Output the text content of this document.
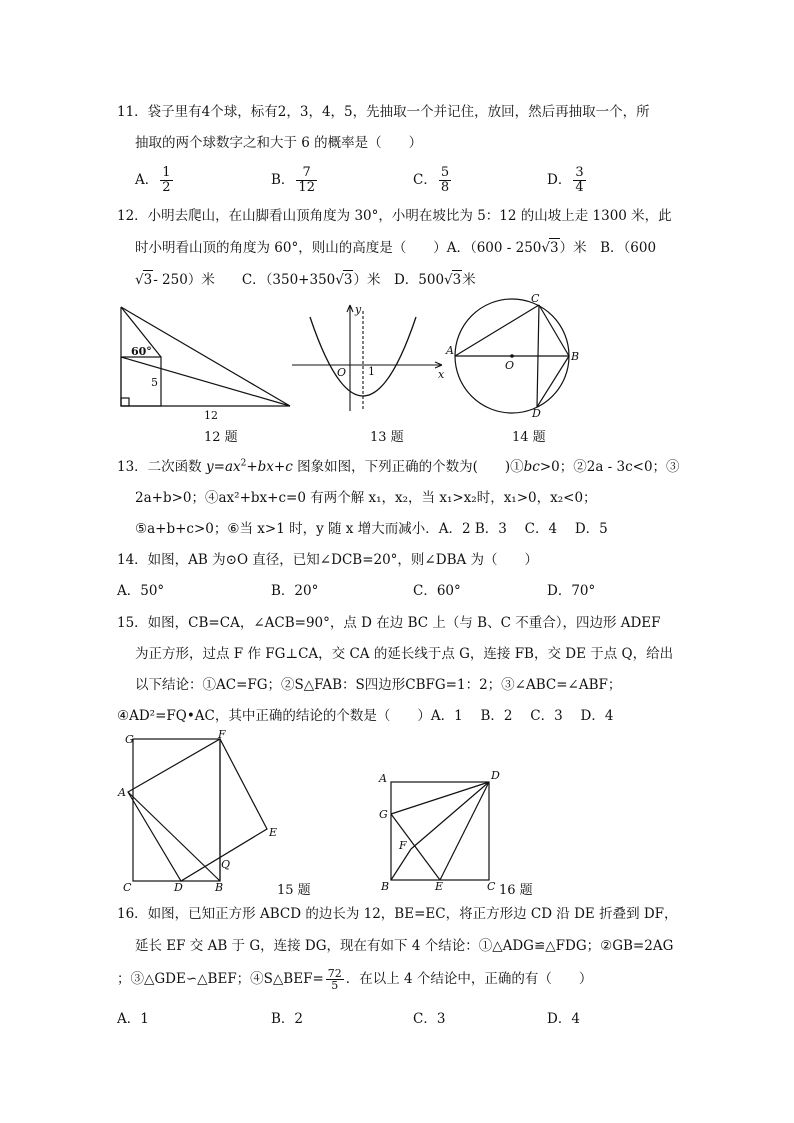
11．袋子里有4个球，标有2，3，4，5，先抽取一个并记住，放回，然后再抽取一个，所
抽取的两个球数字之和大于 6 的概率是（　　）
A． $\frac{1}{2}$	B． $\frac{7}{12}$	C． $\frac{5}{8}$	D． $\frac{3}{4}$
12．小明去爬山，在山脚看山顶角度为 30°，小明在坡比为 5：12 的山坡上走 1300 米，此
时小明看山顶的角度为 60°，则山的高度是（　　）A．（600 - 250√3）米　B．（600
√3- 250）米　　C．（350+350√3）米　D．500√3米
60°
5
12
12 题
y
x
O 1
13 题
A	B
C
D
O
14 题
13．二次函数 $y=ax^2+bx+c$ 图象如图，下列正确的个数为(　　)①bc>0；②2a - 3c<0；③
2a+b>0；④ax²+bx+c=0 有两个解 x₁，x₂，当 x₁>x₂时，x₁>0，x₂<0；
⑤a+b+c>0；⑥当 x>1 时，y 随 x 增大而减小．A．2 B．3　 C．4　 D．5
14．如图，AB 为⊙O 直径，已知∠DCB=20°，则∠DBA 为（　　）
A．50°	B．20°	C．60°	D．70°
15．如图，CB=CA，∠ACB=90°，点 D 在边 BC 上（与 B、C 不重合），四边形 ADEF
为正方形，过点 F 作 FG⊥CA，交 CA 的延长线于点 G，连接 FB，交 DE 于点 Q，给出
以下结论：①AC=FG；②S△FAB：S四边形CBFG=1：2；③∠ABC=∠ABF；
④AD²=FQ•AC，其中正确的结论的个数是（　　）A．1　 B．2　 C．3　 D．4
G	F
A
E
Q
C	D	B	15 题
A	D
G
F
B	E	C 16 题
16．如图，已知正方形 ABCD 的边长为 12，BE=EC，将正方形边 CD 沿 DE 折叠到 DF，
延长 EF 交 AB 于 G，连接 DG，现在有如下 4 个结论：①△ADG≌△FDG；②GB=2AG
；③△GDE∽△BEF；④S△BEF= $\frac{72}{5}$ ．在以上 4 个结论中，正确的有（　　）
A．1	B．2	C．3	D．4
